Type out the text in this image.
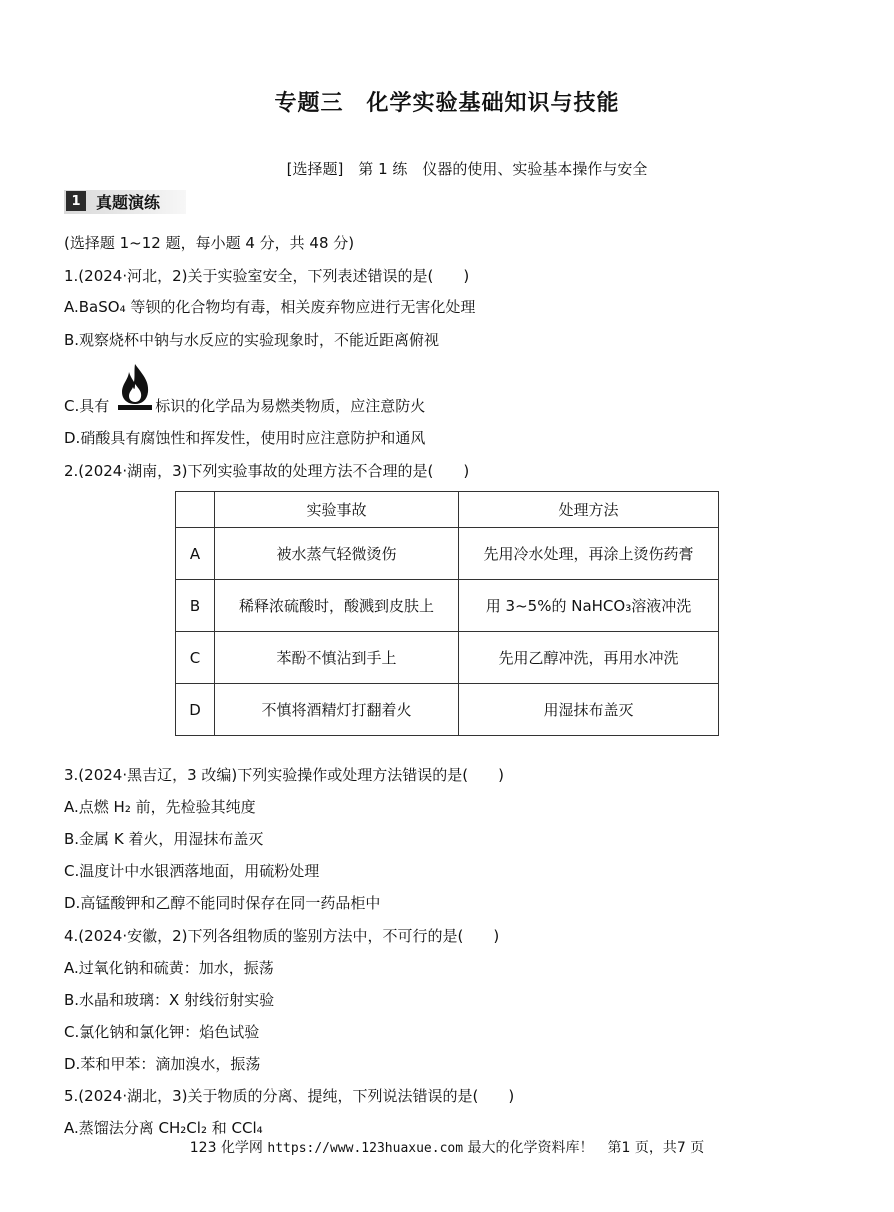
专题三　化学实验基础知识与技能
[选择题]　第 1 练　仪器的使用、实验基本操作与安全
1 真题演练
(选择题 1~12 题，每小题 4 分，共 48 分)
1.(2024·河北，2)关于实验室安全，下列表述错误的是( )
A.BaSO₄ 等钡的化合物均有毒，相关废弃物应进行无害化处理
B.观察烧杯中钠与水反应的实验现象时，不能近距离俯视
C.具有	标识的化学品为易燃类物质，应注意防火
D.硝酸具有腐蚀性和挥发性，使用时应注意防护和通风
2.(2024·湖南，3)下列实验事故的处理方法不合理的是( )
	实验事故	处理方法
A	被水蒸气轻微烫伤	先用冷水处理，再涂上烫伤药膏
B	稀释浓硫酸时，酸溅到皮肤上	用 3~5%的 NaHCO₃溶液冲洗
C	苯酚不慎沾到手上	先用乙醇冲洗，再用水冲洗
D	不慎将酒精灯打翻着火	用湿抹布盖灭
3.(2024·黑吉辽，3 改编)下列实验操作或处理方法错误的是( )
A.点燃 H₂ 前，先检验其纯度
B.金属 K 着火，用湿抹布盖灭
C.温度计中水银洒落地面，用硫粉处理
D.高锰酸钾和乙醇不能同时保存在同一药品柜中
4.(2024·安徽，2)下列各组物质的鉴别方法中，不可行的是( )
A.过氧化钠和硫黄：加水，振荡
B.水晶和玻璃：X 射线衍射实验
C.氯化钠和氯化钾：焰色试验
D.苯和甲苯：滴加溴水，振荡
5.(2024·湖北，3)关于物质的分离、提纯，下列说法错误的是( )
A.蒸馏法分离 CH₂Cl₂ 和 CCl₄
123 化学网 https://www.123huaxue.com 最大的化学资料库！　第1 页，共7 页
